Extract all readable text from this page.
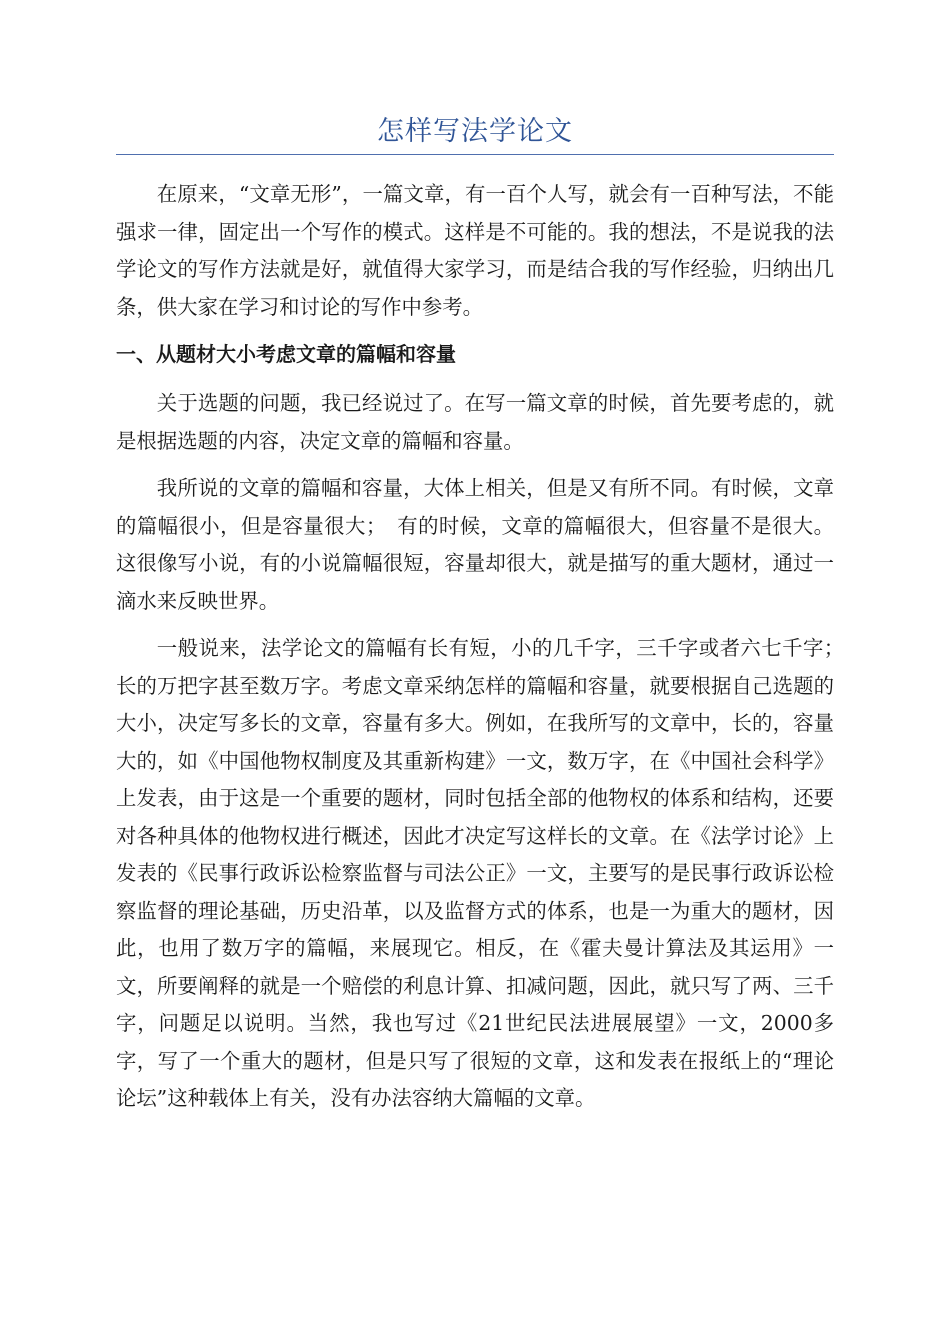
怎样写法学论文

在原来，“文章无形”，一篇文章，有一百个人写，就会有一百种写法，不能强求一律，固定出一个写作的模式。这样是不可能的。我的想法，不是说我的法学论文的写作方法就是好，就值得大家学习，而是结合我的写作经验，归纳出几条，供大家在学习和讨论的写作中参考。

一、从题材大小考虑文章的篇幅和容量

关于选题的问题，我已经说过了。在写一篇文章的时候，首先要考虑的，就是根据选题的内容，决定文章的篇幅和容量。

我所说的文章的篇幅和容量，大体上相关，但是又有所不同。有时候，文章的篇幅很小，但是容量很大；　有的时候，文章的篇幅很大，但容量不是很大。这很像写小说，有的小说篇幅很短，容量却很大，就是描写的重大题材，通过一滴水来反映世界。

一般说来，法学论文的篇幅有长有短，小的几千字，三千字或者六七千字；　长的万把字甚至数万字。考虑文章采纳怎样的篇幅和容量，就要根据自己选题的大小，决定写多长的文章，容量有多大。例如，在我所写的文章中，长的，容量大的，如《中国他物权制度及其重新构建》一文，数万字，在《中国社会科学》上发表，由于这是一个重要的题材，同时包括全部的他物权的体系和结构，还要对各种具体的他物权进行概述，因此才决定写这样长的文章。在《法学讨论》上发表的《民事行政诉讼检察监督与司法公正》一文，主要写的是民事行政诉讼检察监督的理论基础，历史沿革，以及监督方式的体系，也是一为重大的题材，因此，也用了数万字的篇幅，来展现它。相反，在《霍夫曼计算法及其运用》一文，所要阐释的就是一个赔偿的利息计算、扣减问题，因此，就只写了两、三千字，问题足以说明。当然，我也写过《21世纪民法进展展望》一文，2000多字，写了一个重大的题材，但是只写了很短的文章，这和发表在报纸上的“理论论坛”这种载体上有关，没有办法容纳大篇幅的文章。
